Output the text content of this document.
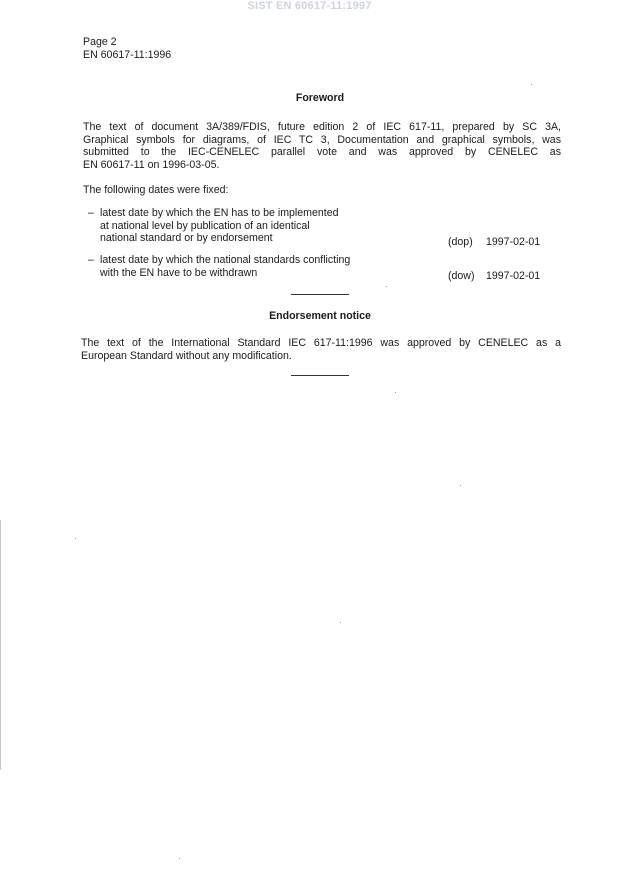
SIST EN 60617-11:1997
Page 2
EN 60617-11:1996
Foreword
The text of document 3A/389/FDIS, future edition 2 of IEC 617-11, prepared by SC 3A,
Graphical symbols for diagrams, of IEC TC 3, Documentation and graphical symbols, was
submitted to the IEC-CENELEC parallel vote and was approved by CENELEC as
EN 60617-11 on 1996-03-05.
The following dates were fixed:
– latest date by which the EN has to be implemented
at national level by publication of an identical
national standard or by endorsement	(dop) 1997-02-01
– latest date by which the national standards conflicting
with the EN have to be withdrawn	(dow) 1997-02-01
Endorsement notice
The text of the International Standard IEC 617-11:1996 was approved by CENELEC as a
European Standard without any modification.
